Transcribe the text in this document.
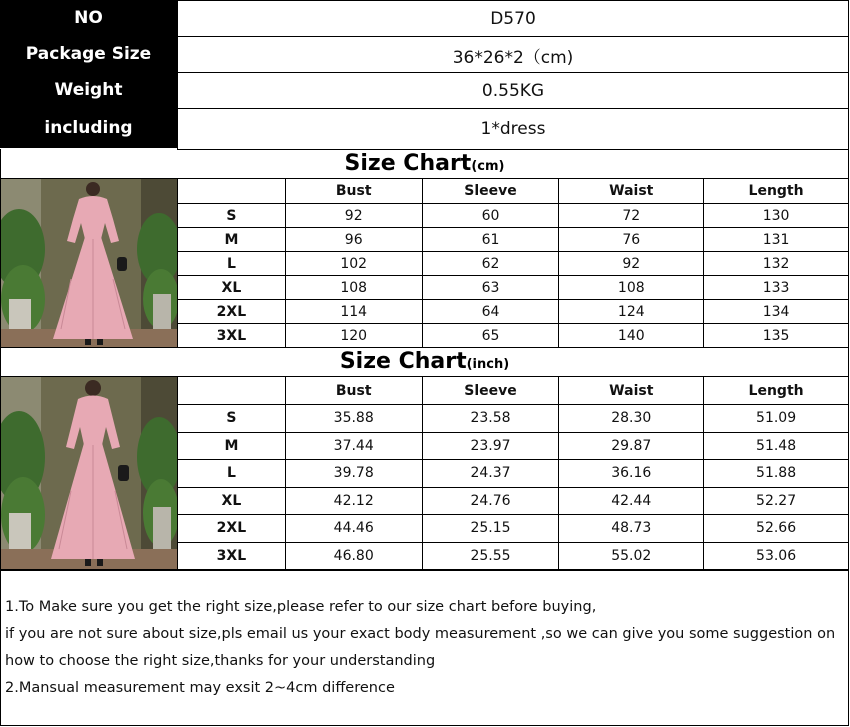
NO	D570
Package Size	36*26*2（cm)
Weight	0.55KG
including	1*dress
Size Chart(cm)
		Bust	Sleeve	Waist	Length
	S	92	60	72	130
	M	96	61	76	131
	L	102	62	92	132
	XL	108	63	108	133
	2XL	114	64	124	134
	3XL	120	65	140	135
Size Chart(inch)
		Bust	Sleeve	Waist	Length
	S	35.88	23.58	28.30	51.09
	M	37.44	23.97	29.87	51.48
	L	39.78	24.37	36.16	51.88
	XL	42.12	24.76	42.44	52.27
	2XL	44.46	25.15	48.73	52.66
	3XL	46.80	25.55	55.02	53.06
1.To Make sure you get the right size,please refer to our size chart before buying,
if you are not sure about size,pls email us your exact body measurement ,so we can give you some suggestion on
how to choose the right size,thanks for your understanding
2.Mansual measurement may exsit 2~4cm difference
